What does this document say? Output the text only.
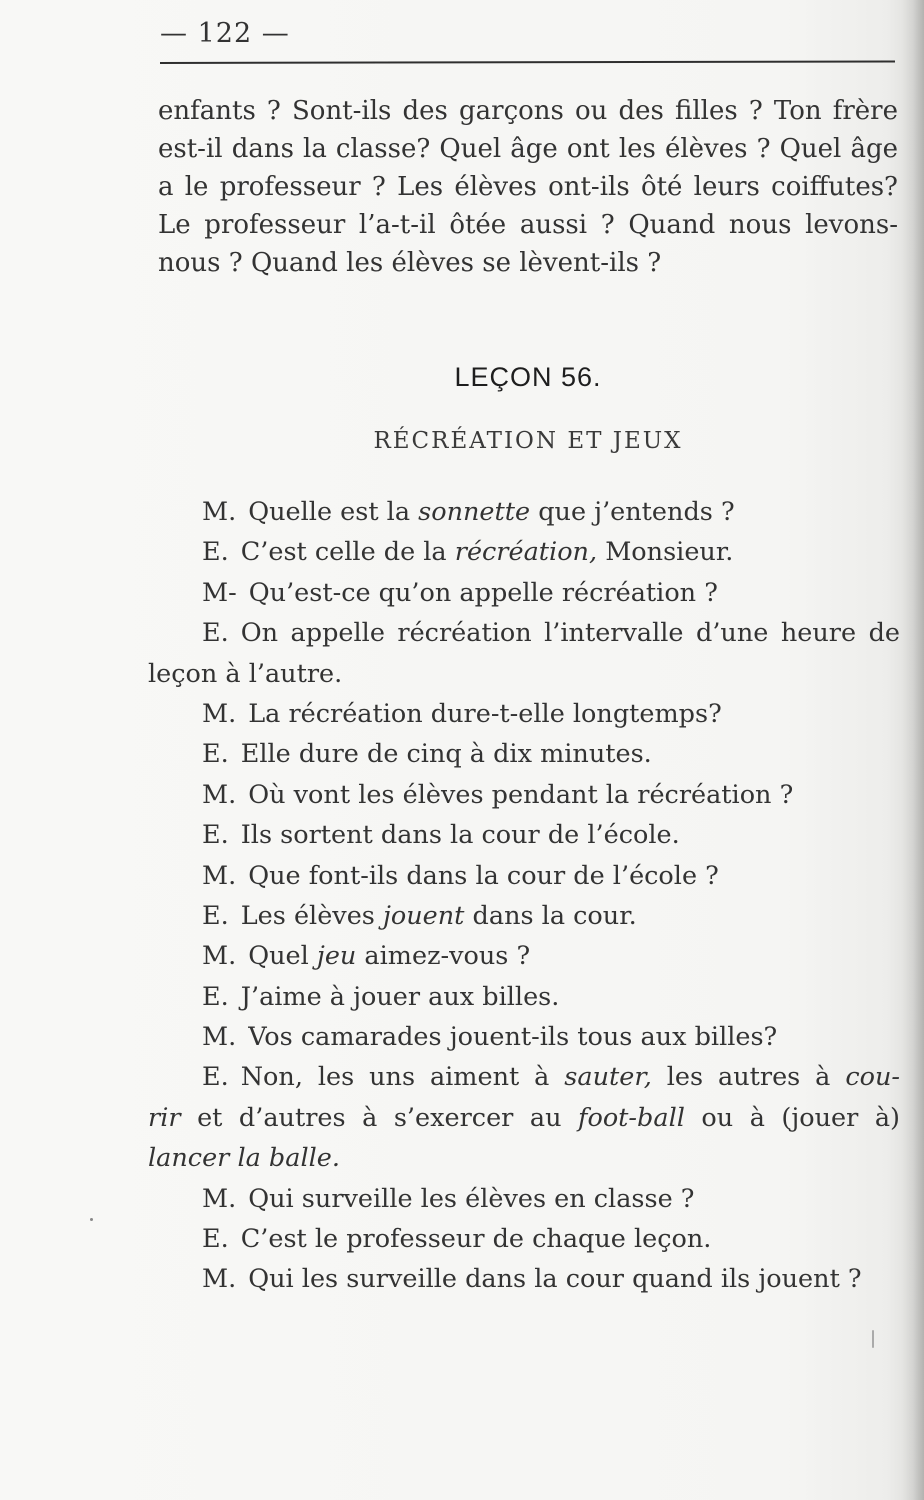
— 122 —
enfants ? Sont-ils des garçons ou des filles ? Ton frère
est-il dans la classe? Quel âge ont les élèves ? Quel âge
a le professeur ? Les élèves ont-ils ôté leurs coiffutes?
Le professeur l’a-t-il ôtée aussi ? Quand nous levons-
nous ? Quand les élèves se lèvent-ils ?
LEÇON 56.
RÉCRÉATION ET JEUX
M. Quelle est la sonnette que j’entends ?
E. C’est celle de la récréation, Monsieur.
M- Qu’est-ce qu’on appelle récréation ?
E. On appelle récréation l’intervalle d’une heure de
leçon à l’autre.
M. La récréation dure-t-elle longtemps?
E. Elle dure de cinq à dix minutes.
M. Où vont les élèves pendant la récréation ?
E. Ils sortent dans la cour de l’école.
M. Que font-ils dans la cour de l’école ?
E. Les élèves jouent dans la cour.
M. Quel jeu aimez-vous ?
E. J’aime à jouer aux billes.
M. Vos camarades jouent-ils tous aux billes?
E. Non, les uns aiment à sauter, les autres à cou-
rir et d’autres à s’exercer au foot-ball ou à (jouer à)
lancer la balle.
M. Qui surveille les élèves en classe ?
E. C’est le professeur de chaque leçon.
M. Qui les surveille dans la cour quand ils jouent ?
